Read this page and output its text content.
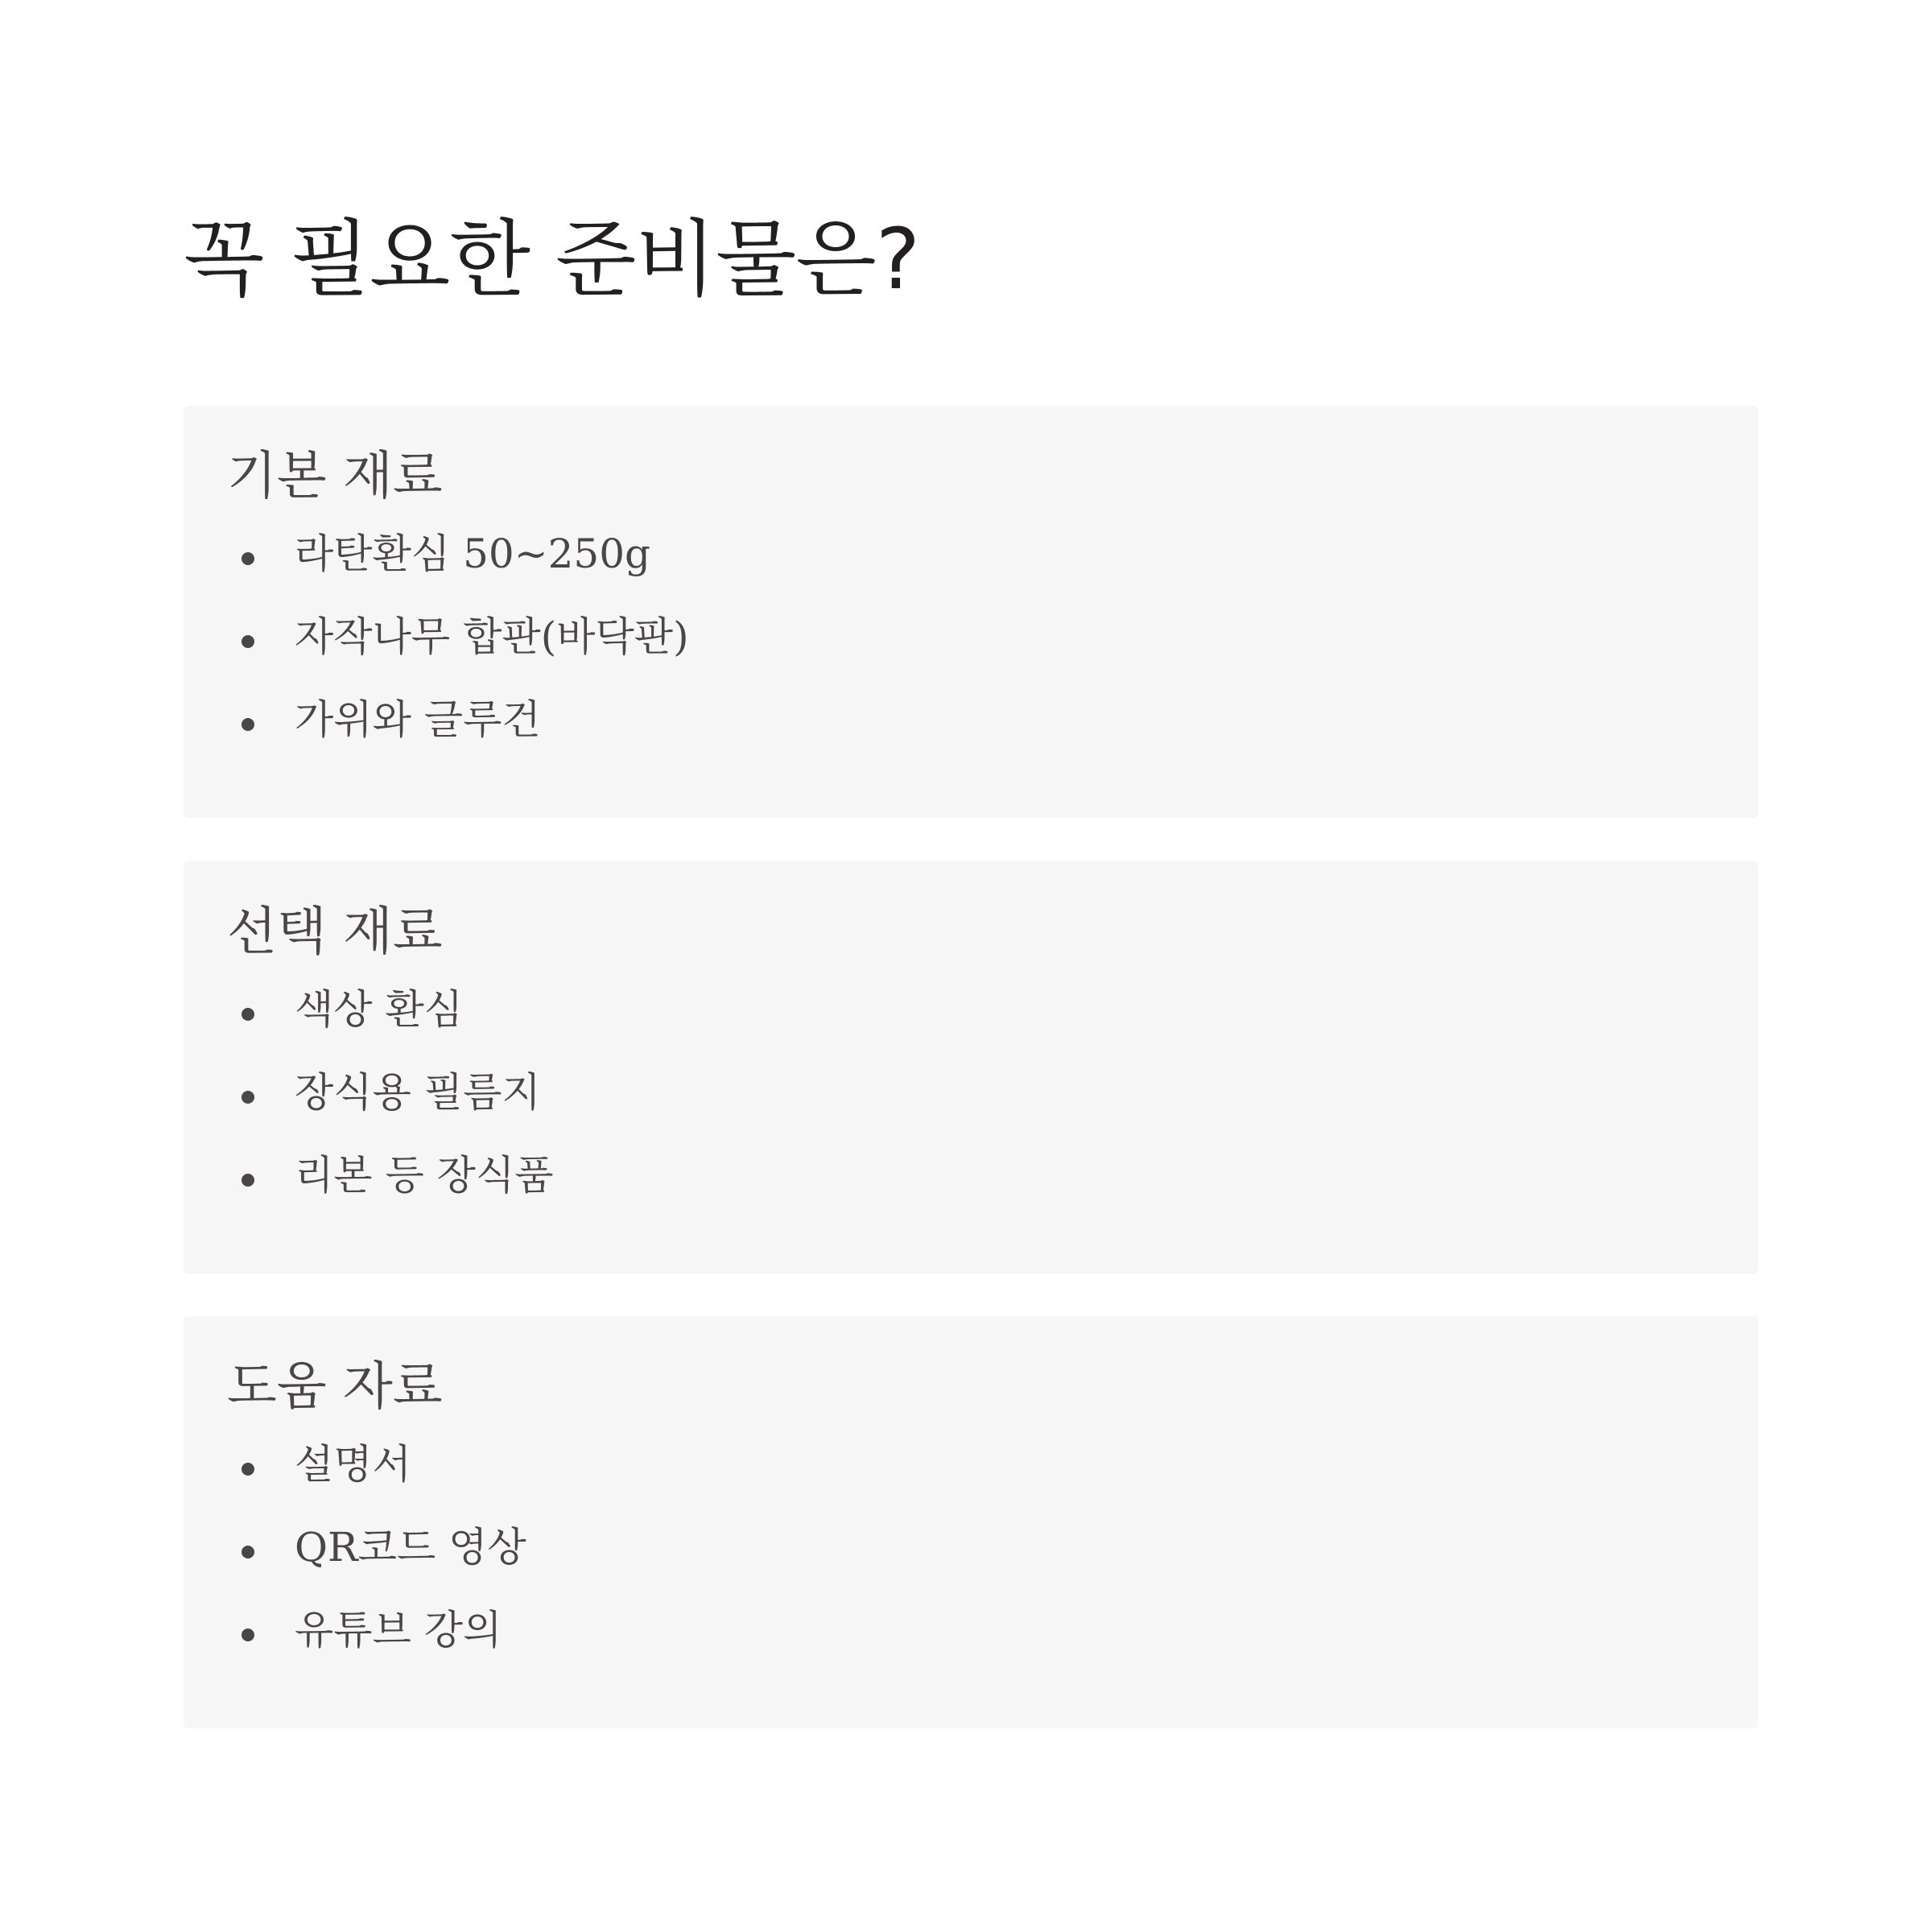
꼭 필요한 준비물은?
기본 재료
라탄환심 50~250g
자작나무 합판(바닥판)
가위와 글루건
선택 재료
색상 환심
장식용 필름지
리본 등 장식품
도움 자료
설명서
QR코드 영상
유튜브 강의
